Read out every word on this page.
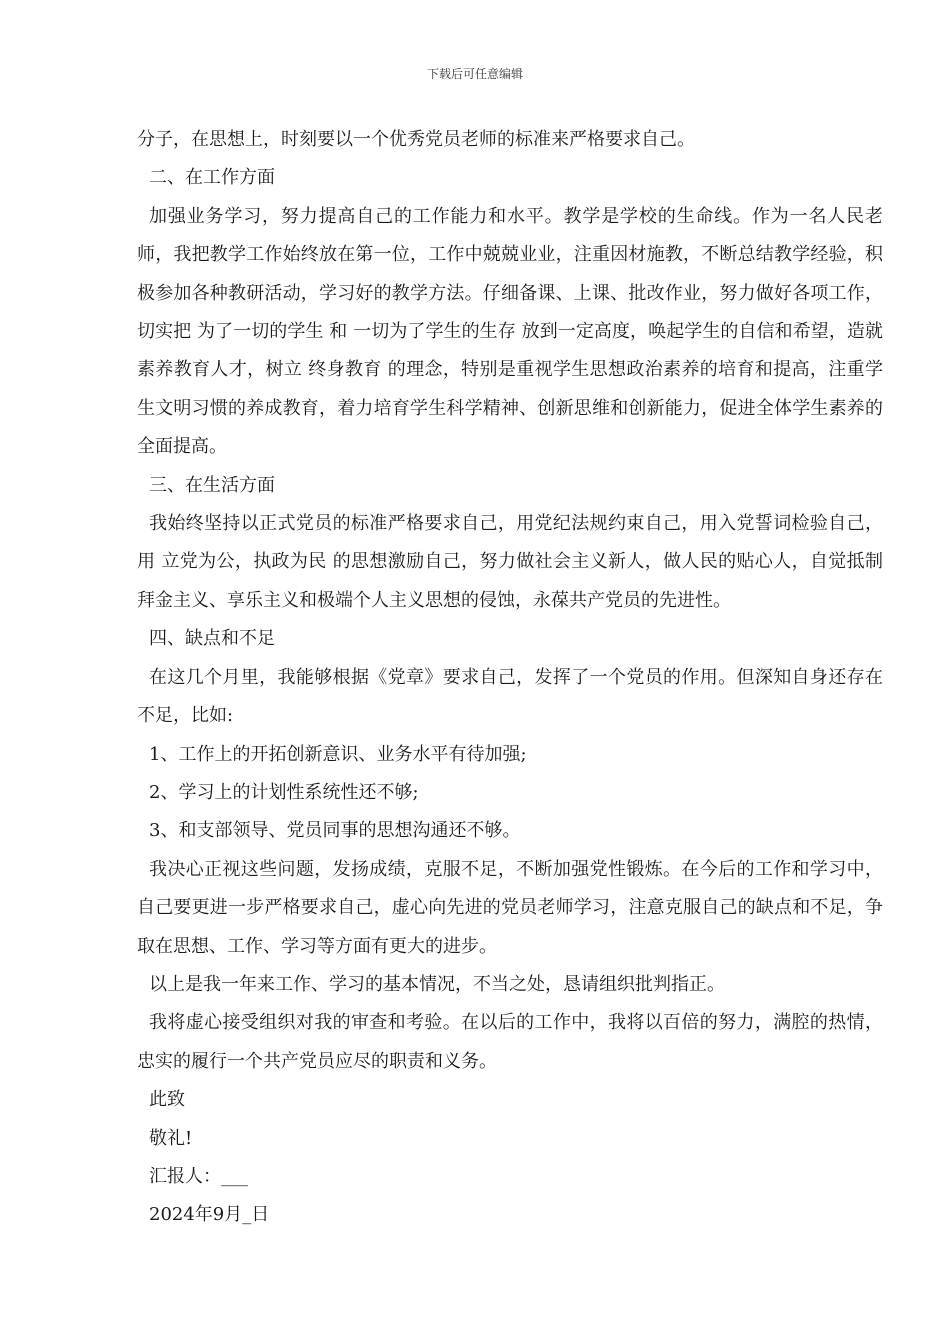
下载后可任意编辑

分子，在思想上，时刻要以一个优秀党员老师的标准来严格要求自己。

二、在工作方面

加强业务学习，努力提高自己的工作能力和水平。教学是学校的生命线。作为一名人民老师，我把教学工作始终放在第一位，工作中兢兢业业，注重因材施教，不断总结教学经验，积极参加各种教研活动，学习好的教学方法。仔细备课、上课、批改作业，努力做好各项工作，切实把 为了一切的学生 和 一切为了学生的生存 放到一定高度，唤起学生的自信和希望，造就素养教育人才，树立 终身教育 的理念，特别是重视学生思想政治素养的培育和提高，注重学生文明习惯的养成教育，着力培育学生科学精神、创新思维和创新能力，促进全体学生素养的全面提高。

三、在生活方面

我始终坚持以正式党员的标准严格要求自己，用党纪法规约束自己，用入党誓词检验自己，用 立党为公，执政为民 的思想激励自己，努力做社会主义新人，做人民的贴心人，自觉抵制拜金主义、享乐主义和极端个人主义思想的侵蚀，永葆共产党员的先进性。

四、缺点和不足

在这几个月里，我能够根据《党章》要求自己，发挥了一个党员的作用。但深知自身还存在不足，比如:

1、工作上的开拓创新意识、业务水平有待加强;

2、学习上的计划性系统性还不够;

3、和支部领导、党员同事的思想沟通还不够。

我决心正视这些问题，发扬成绩，克服不足，不断加强党性锻炼。在今后的工作和学习中，自己要更进一步严格要求自己，虚心向先进的党员老师学习，注意克服自己的缺点和不足，争取在思想、工作、学习等方面有更大的进步。

以上是我一年来工作、学习的基本情况，不当之处，恳请组织批判指正。

我将虚心接受组织对我的审查和考验。在以后的工作中，我将以百倍的努力，满腔的热情，忠实的履行一个共产党员应尽的职责和义务。

此致

敬礼!

汇报人：___

2024年9月_日
